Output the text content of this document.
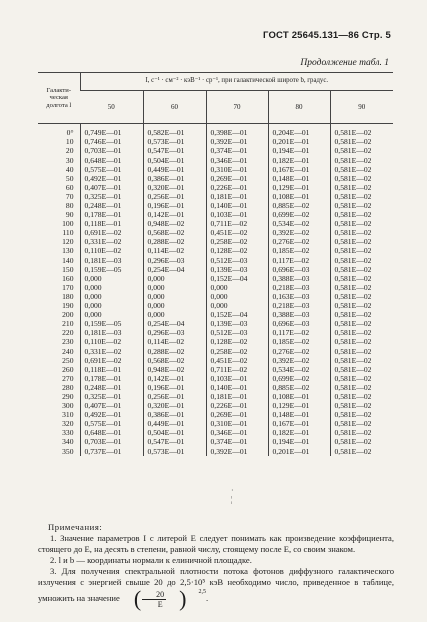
ГОСТ 25645.131—86 Стр. 5
Продолжение табл. 1
Галакти-ческая долгота l	I, с⁻¹ · см⁻² · кэВ⁻¹ · ср⁻¹, при галактической широте b, градус.				
	50	60	70	80	90
0°	0,749E—01	0,582E—01	0,398E—01	0,204E—01	0,581E—02
10	0,746E—01	0,573E—01	0,392E—01	0,201E—01	0,581E—02
20	0,703E—01	0,547E—01	0,374E—01	0,194E—01	0,581E—02
30	0,648E—01	0,504E—01	0,346E—01	0,182E—01	0,581E—02
40	0,575E—01	0,449E—01	0,310E—01	0,167E—01	0,581E—02
50	0,492E—01	0,386E—01	0,269E—01	0,148E—01	0,581E—02
60	0,407E—01	0,320E—01	0,226E—01	0,129E—01	0,581E—02
70	0,325E—01	0,256E—01	0,181E—01	0,108E—01	0,581E—02
80	0,248E—01	0,196E—01	0,140E—01	0,885E—02	0,581E—02
90	0,178E—01	0,142E—01	0,103E—01	0,699E—02	0,581E—02
100	0,118E—01	0,948E—02	0,711E—02	0,534E—02	0,581E—02
110	0,691E—02	0,568E—02	0,451E—02	0,392E—02	0,581E—02
120	0,331E—02	0,288E—02	0,258E—02	0,276E—02	0,581E—02
130	0,110E—02	0,114E—02	0,128E—02	0,185E—02	0,581E—02
140	0,181E—03	0,296E—03	0,512E—03	0,117E—02	0,581E—02
150	0,159E—05	0,254E—04	0,139E—03	0,696E—03	0,581E—02
160	0,000	0,000	0,152E—04	0,388E—03	0,581E—02
170	0,000	0,000	0,000	0,218E—03	0,581E—02
180	0,000	0,000	0,000	0,163E—03	0,581E—02
190	0,000	0,000	0,000	0,218E—03	0,581E—02
200	0,000	0,000	0,152E—04	0,388E—03	0,581E—02
210	0,159E—05	0,254E—04	0,139E—03	0,696E—03	0,581E—02
220	0,181E—03	0,296E—03	0,512E—03	0,117E—02	0,581E—02
230	0,110E—02	0,114E—02	0,128E—02	0,185E—02	0,581E—02
240	0,331E—02	0,288E—02	0,258E—02	0,276E—02	0,581E—02
250	0,691E—02	0,568E—02	0,451E—02	0,392E—02	0,581E—02
260	0,118E—01	0,948E—02	0,711E—02	0,534E—02	0,581E—02
270	0,178E—01	0,142E—01	0,103E—01	0,699E—02	0,581E—02
280	0,248E—01	0,196E—01	0,140E—01	0,885E—02	0,581E—02
290	0,325E—01	0,256E—01	0,181E—01	0,108E—01	0,581E—02
300	0,407E—01	0,320E—01	0,226E—01	0,129E—01	0,581E—02
310	0,492E—01	0,386E—01	0,269E—01	0,148E—01	0,581E—02
320	0,575E—01	0,449E—01	0,310E—01	0,167E—01	0,581E—02
330	0,648E—01	0,504E—01	0,346E—01	0,182E—01	0,581E—02
340	0,703E—01	0,547E—01	0,374E—01	0,194E—01	0,581E—02
350	0,737E—01	0,573E—01	0,392E—01	0,201E—01	0,581E—02
·
¦

Примечания:

1. Значение параметров I с литерой E следует понимать как произведение коэффициента, стоящего до E, на десять в степени, равной числу, стоящему после E, со своим знаком.

2. l и b — координаты нормали к елиничной площадке.

3. Для получения спектральной плотности потока фотонов диффузного галактического излучения с энергией свыше 20 до 2,5·10⁵ кэВ необходимо число, приведенное в таблице, умножить на значение ( $\frac{20}{E}$ )	$^{2,5}$
.
